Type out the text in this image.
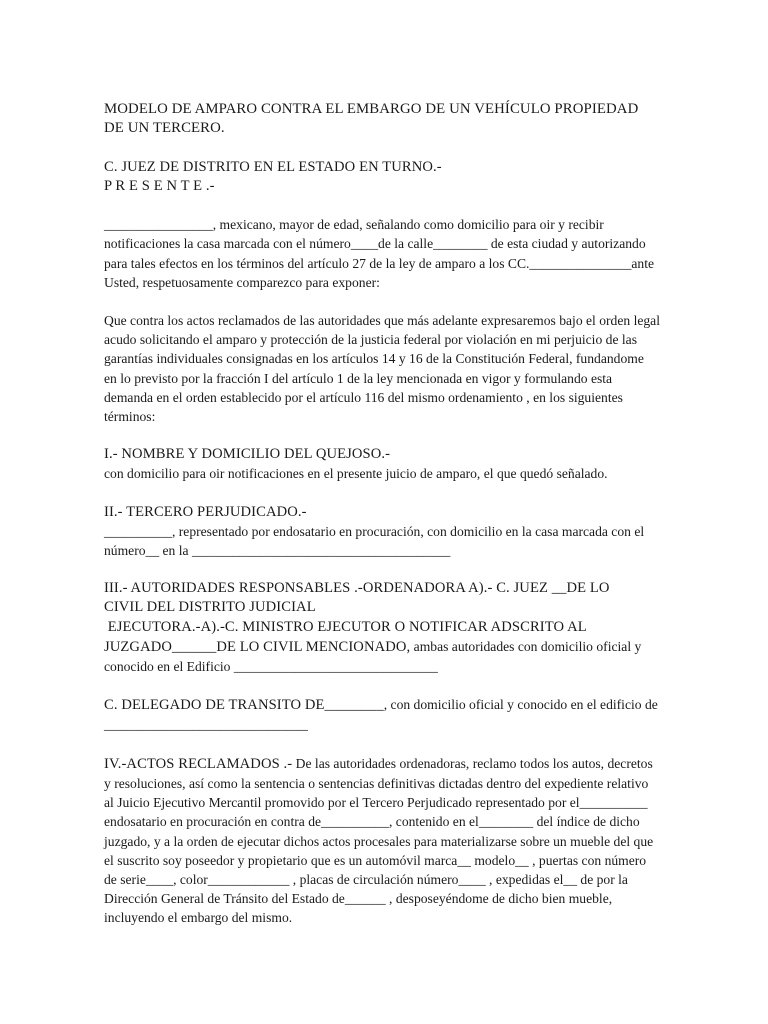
MODELO DE AMPARO CONTRA EL EMBARGO DE UN VEHÍCULO PROPIEDAD
DE UN TERCERO.
C. JUEZ DE DISTRITO EN EL ESTADO EN TURNO.-
P R E S E N T E .-

________________, mexicano, mayor de edad, señalando como domicilio para oir y recibir notificaciones la casa marcada con el número____de la calle________ de esta ciudad y autorizando para tales efectos en los términos del artículo 27 de la ley de amparo a los CC._______________ante Usted, respetuosamente comparezco para exponer:

Que contra los actos reclamados de las autoridades que más adelante expresaremos bajo el orden legal acudo solicitando el amparo y protección de la justicia federal por violación en mi perjuicio de las garantías individuales consignadas en los artículos 14 y 16 de la Constitución Federal, fundandome en lo previsto por la fracción I del artículo 1 de la ley mencionada en vigor y formulando esta demanda en el orden establecido por el artículo 116 del mismo ordenamiento , en los siguientes términos:

I.- NOMBRE Y DOMICILIO DEL QUEJOSO.-

con domicilio para oir notificaciones en el presente juicio de amparo, el que quedó señalado.

II.- TERCERO PERJUDICADO.-

__________, representado por endosatario en procuración, con domicilio en la casa marcada con el número__ en la ______________________________________

III.- AUTORIDADES RESPONSABLES .-ORDENADORA A).- C. JUEZ __DE LO
CIVIL DEL DISTRITO JUDICIAL
EJECUTORA.-A).-C. MINISTRO EJECUTOR O NOTIFICAR ADSCRITO AL

JUZGADO______DE LO CIVIL MENCIONADO, ambas autoridades con domicilio oficial y conocido en el Edificio ______________________________

C. DELEGADO DE TRANSITO DE________, con domicilio oficial y conocido en el edificio de ______________________________

IV.-ACTOS RECLAMADOS .- De las autoridades ordenadoras, reclamo todos los autos, decretos y resoluciones, así como la sentencia o sentencias definitivas dictadas dentro del expediente relativo al Juicio Ejecutivo Mercantil promovido por el Tercero Perjudicado representado por el__________ endosatario en procuración en contra de__________, contenido en el________ del índice de dicho juzgado, y a la orden de ejecutar dichos actos procesales para materializarse sobre un mueble del que el suscrito soy poseedor y propietario que es un automóvil marca__ modelo__ , puertas con número de serie____, color____________ , placas de circulación número____ , expedidas el__ de por la Dirección General de Tránsito del Estado de______ , desposeyéndome de dicho bien mueble, incluyendo el embargo del mismo.
